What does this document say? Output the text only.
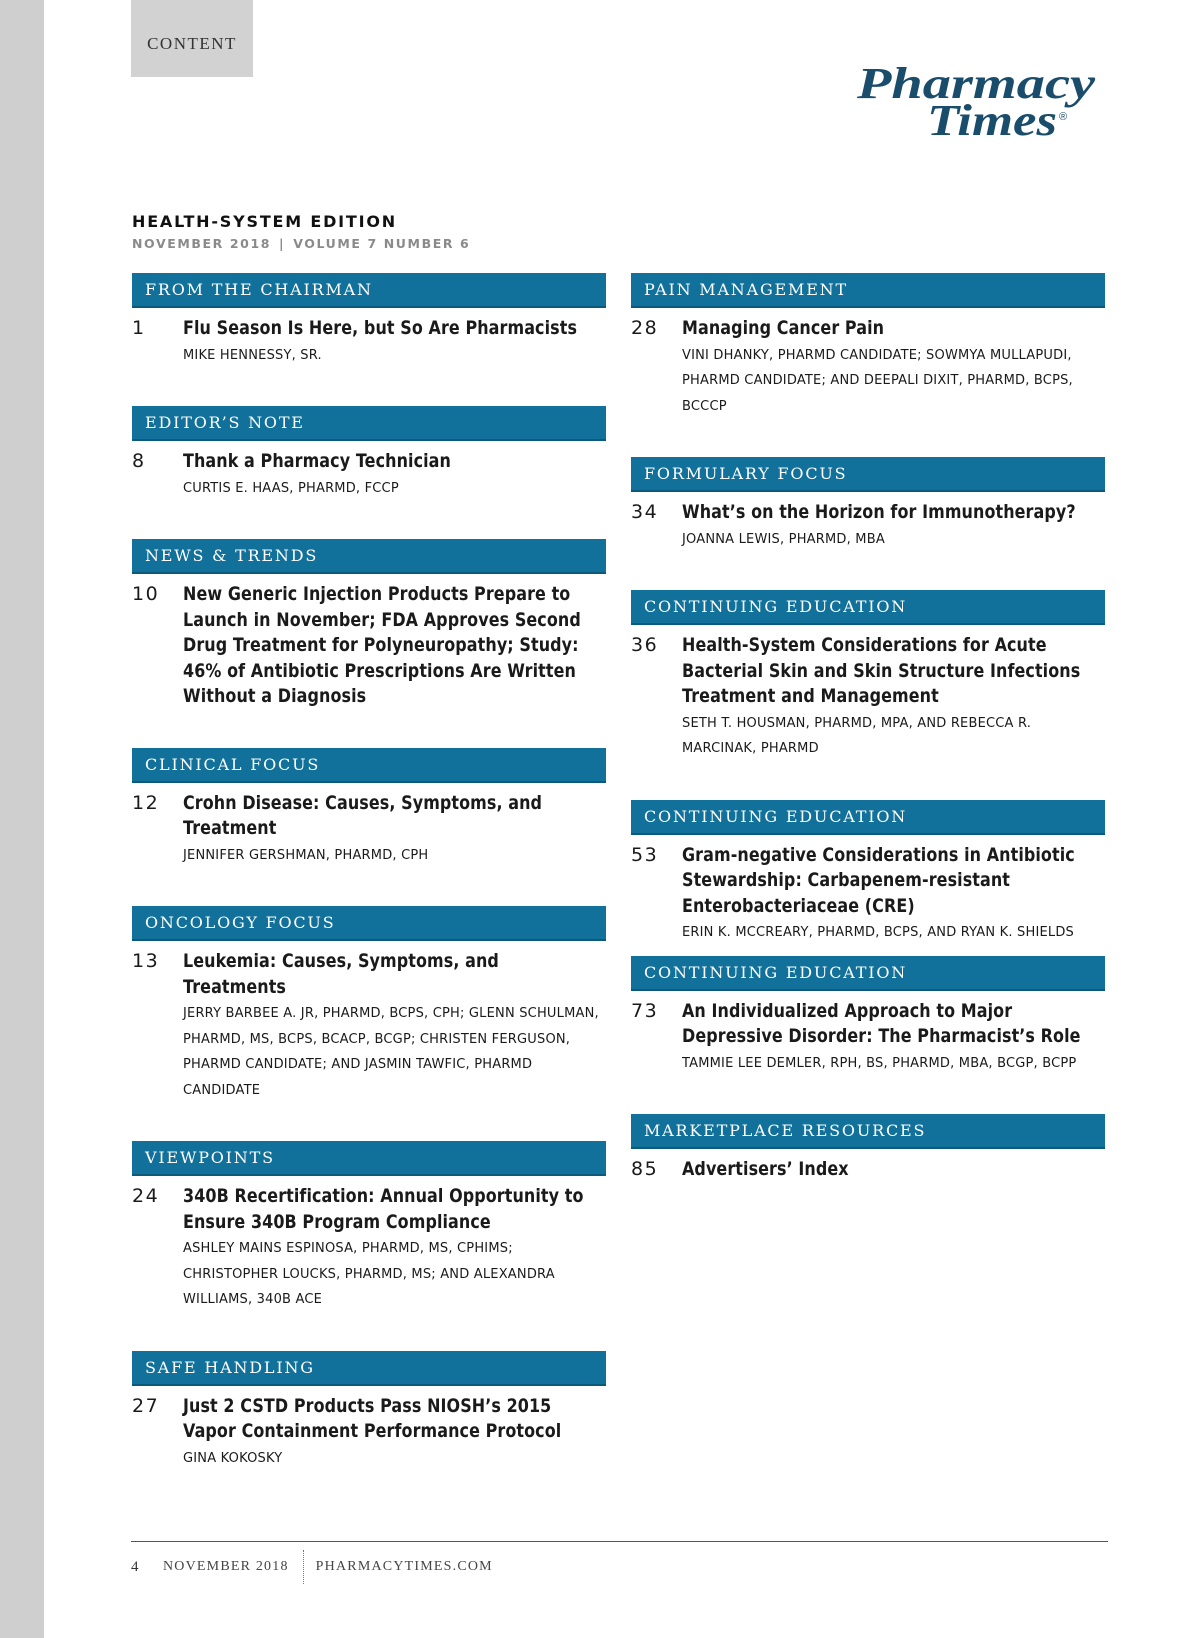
CONTENT
Pharmacy
Times ®
HEALTH-SYSTEM EDITION
NOVEMBER 2018 | VOLUME 7 NUMBER 6
FROM THE CHAIRMAN
1	Flu Season Is Here, but So Are Pharmacists
MIKE HENNESSY, SR.
EDITOR’S NOTE
8	Thank a Pharmacy Technician
CURTIS E. HAAS, PHARMD, FCCP
NEWS & TRENDS
10	New Generic Injection Products Prepare to Launch in November; FDA Approves Second Drug Treatment for Polyneuropathy; Study: 46% of Antibiotic Prescriptions Are Written Without a Diagnosis
CLINICAL FOCUS
12	Crohn Disease: Causes, Symptoms, and Treatment
JENNIFER GERSHMAN, PHARMD, CPH
ONCOLOGY FOCUS
13	Leukemia: Causes, Symptoms, and Treatments
JERRY BARBEE A. JR, PHARMD, BCPS, CPH; GLENN SCHULMAN, PHARMD, MS, BCPS, BCACP, BCGP; CHRISTEN FERGUSON, PHARMD CANDIDATE; AND JASMIN TAWFIC, PHARMD CANDIDATE
VIEWPOINTS
24	340B Recertification: Annual Opportunity to Ensure 340B Program Compliance
ASHLEY MAINS ESPINOSA, PHARMD, MS, CPHIMS; CHRISTOPHER LOUCKS, PHARMD, MS; AND ALEXANDRA WILLIAMS, 340B ACE
SAFE HANDLING
27	Just 2 CSTD Products Pass NIOSH’s 2015 Vapor Containment Performance Protocol
GINA KOKOSKY
PAIN MANAGEMENT
28	Managing Cancer Pain
VINI DHANKY, PHARMD CANDIDATE; SOWMYA MULLAPUDI, PHARMD CANDIDATE; AND DEEPALI DIXIT, PHARMD, BCPS, BCCCP
FORMULARY FOCUS
34	What’s on the Horizon for Immunotherapy?
JOANNA LEWIS, PHARMD, MBA
CONTINUING EDUCATION
36	Health-System Considerations for Acute Bacterial Skin and Skin Structure Infections Treatment and Management
SETH T. HOUSMAN, PHARMD, MPA, AND REBECCA R. MARCINAK, PHARMD
CONTINUING EDUCATION
53	Gram-negative Considerations in Antibiotic Stewardship: Carbapenem-resistant Enterobacteriaceae (CRE)
ERIN K. MCCREARY, PHARMD, BCPS, AND RYAN K. SHIELDS
CONTINUING EDUCATION
73	An Individualized Approach to Major Depressive Disorder: The Pharmacist’s Role
TAMMIE LEE DEMLER, RPH, BS, PHARMD, MBA, BCGP, BCPP
MARKETPLACE RESOURCES
85	Advertisers’ Index
4	NOVEMBER 2018 PHARMACYTIMES.COM
